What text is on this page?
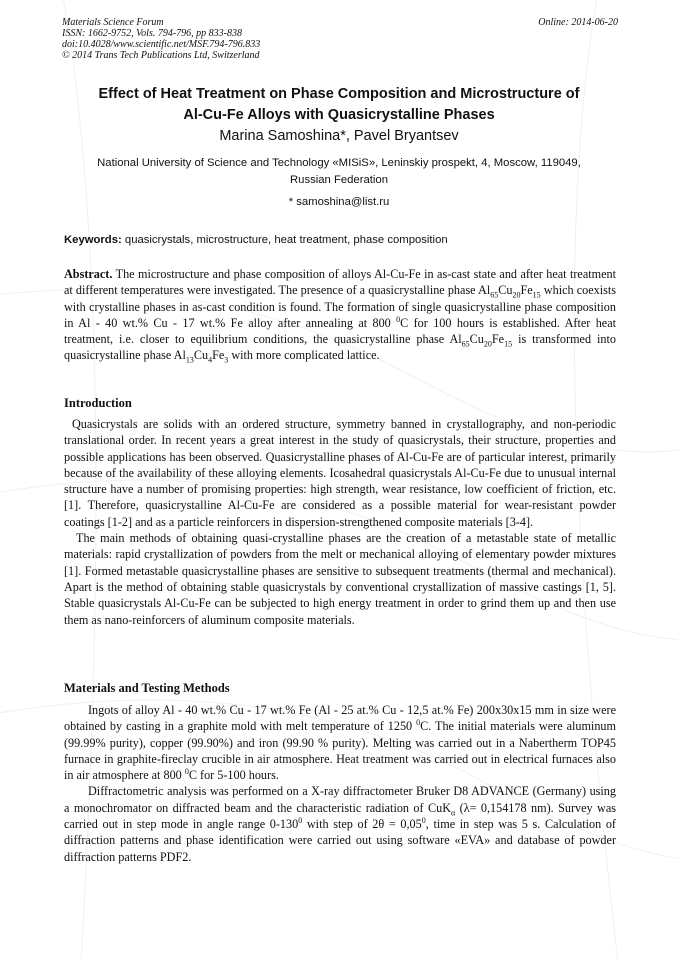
Materials Science Forum
ISSN: 1662-9752, Vols. 794-796, pp 833-838
doi:10.4028/www.scientific.net/MSF.794-796.833
© 2014 Trans Tech Publications Ltd, Switzerland
Online: 2014-06-20
Effect of Heat Treatment on Phase Composition and Microstructure of
Al-Cu-Fe Alloys with Quasicrystalline Phases
Marina Samoshina*, Pavel Bryantsev
National University of Science and Technology «MISiS», Leninskiy prospekt, 4, Moscow, 119049,
Russian Federation
* samoshina@list.ru
Keywords: quasicrystals, microstructure, heat treatment, phase composition
Abstract. The microstructure and phase composition of alloys Al-Cu-Fe in as-cast state and after heat treatment at different temperatures were investigated. The presence of a quasicrystalline phase $Al_{65}Cu_{20}Fe_{15}$ which coexists with crystalline phases in as-cast condition is found. The formation of single quasicrystalline phase composition in Al - 40 wt.% Cu - 17 wt.% Fe alloy after annealing at 800 $^0$C for 100 hours is established. After heat treatment, i.e. closer to equilibrium conditions, the quasicrystalline phase $Al_{65}Cu_{20}Fe_{15}$ is transformed into quasicrystalline phase $Al_{13}Cu_4Fe_3$ with more complicated lattice.
Introduction

Quasicrystals are solids with an ordered structure, symmetry banned in crystallography, and non-periodic translational order. In recent years a great interest in the study of quasicrystals, their structure, properties and possible applications has been observed. Quasicrystalline phases of Al-Cu-Fe are of particular interest, primarily because of the availability of these alloying elements. Icosahedral quasicrystals Al-Cu-Fe due to unusual internal structure have a number of promising properties: high strength, wear resistance, low coefficient of friction, etc. [1]. Therefore, quasicrystalline Al-Cu-Fe are considered as a possible material for wear-resistant powder coatings [1-2] and as a particle reinforcers in dispersion-strengthened composite materials [3-4].

The main methods of obtaining quasi-crystalline phases are the creation of a metastable state of metallic materials: rapid crystallization of powders from the melt or mechanical alloying of elementary powder mixtures [1]. Formed metastable quasicrystalline phases are sensitive to subsequent treatments (thermal and mechanical). Apart is the method of obtaining stable quasicrystals by conventional crystallization of massive castings [1, 5]. Stable quasicrystals Al-Cu-Fe can be subjected to high energy treatment in order to grind them up and then use them as nano-reinforcers of aluminum composite materials.

Materials and Testing Methods

Ingots of alloy Al - 40 wt.% Cu - 17 wt.% Fe (Al - 25 at.% Cu - 12,5 at.% Fe) 200x30x15 mm in size were obtained by casting in a graphite mold with melt temperature of 1250 $^0$C. The initial materials were aluminum (99.99% purity), copper (99.90%) and iron (99.90 % purity). Melting was carried out in a Nabertherm TOP45 furnace in graphite-fireclay crucible in air atmosphere. Heat treatment was carried out in electrical furnaces also in air atmosphere at 800 $^0$C for 5-100 hours.

Diffractometric analysis was performed on a X-ray diffractometer Bruker D8 ADVANCE (Germany) using a monochromator on diffracted beam and the characteristic radiation of CuK$_\alpha$ (λ= 0,154178 nm). Survey was carried out in step mode in angle range $0-130^0$ with step of $2\theta = 0,05^0$, time in step was 5 s. Calculation of diffraction patterns and phase identification were carried out using software «EVA» and database of powder diffraction patterns PDF2.
